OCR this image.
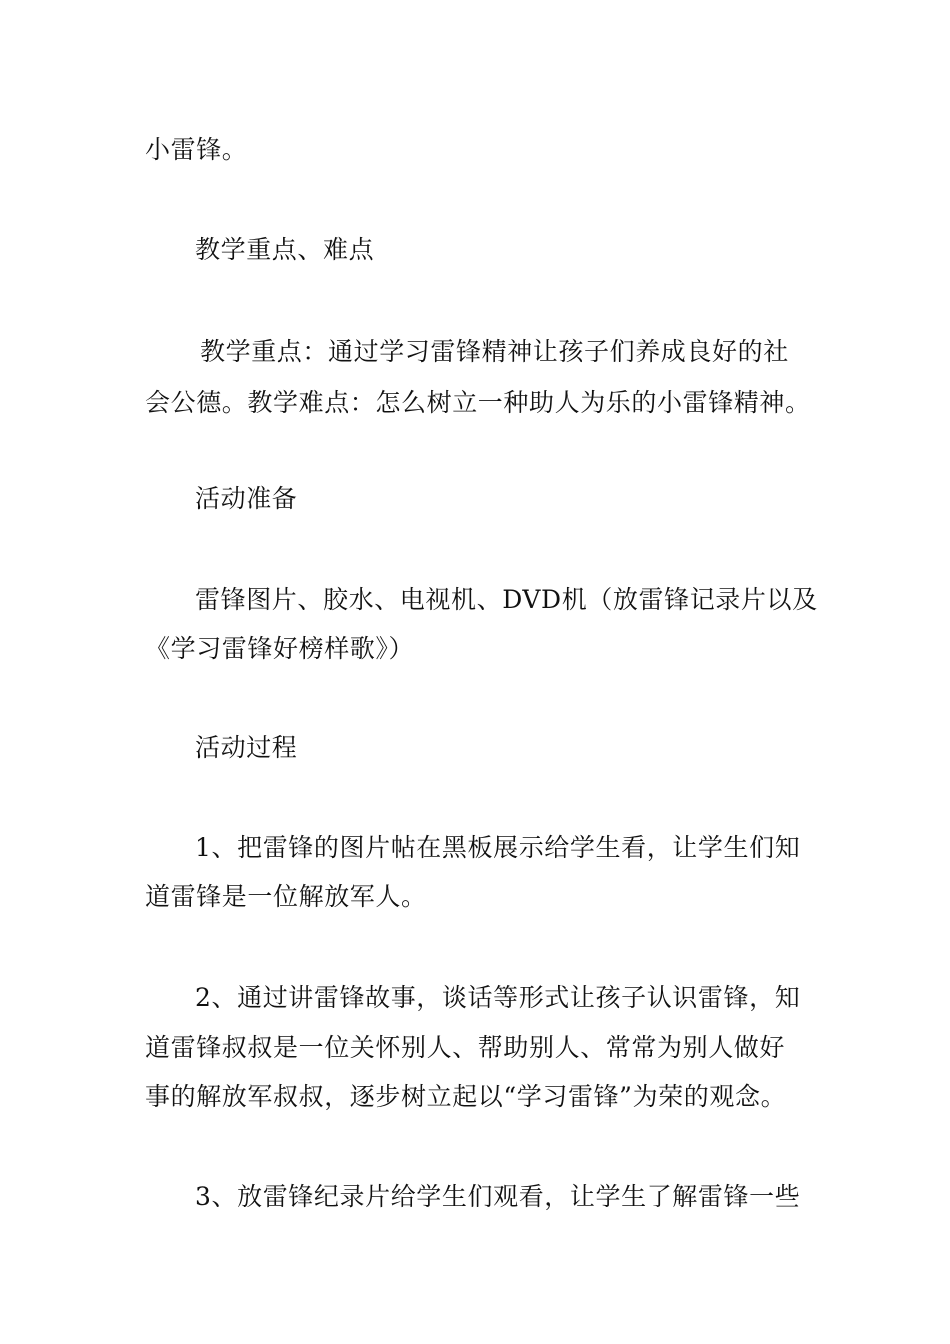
小雷锋。
教学重点、难点
教学重点：通过学习雷锋精神让孩子们养成良好的社
会公德。教学难点：怎么树立一种助人为乐的小雷锋精神。
活动准备
雷锋图片、胶水、电视机、DVD机（放雷锋记录片以及
《学习雷锋好榜样歌》）
活动过程
1、把雷锋的图片帖在黑板展示给学生看，让学生们知
道雷锋是一位解放军人。
2、通过讲雷锋故事，谈话等形式让孩子认识雷锋，知
道雷锋叔叔是一位关怀别人、帮助别人、常常为别人做好
事的解放军叔叔，逐步树立起以“学习雷锋”为荣的观念。
3、放雷锋纪录片给学生们观看，让学生了解雷锋一些
